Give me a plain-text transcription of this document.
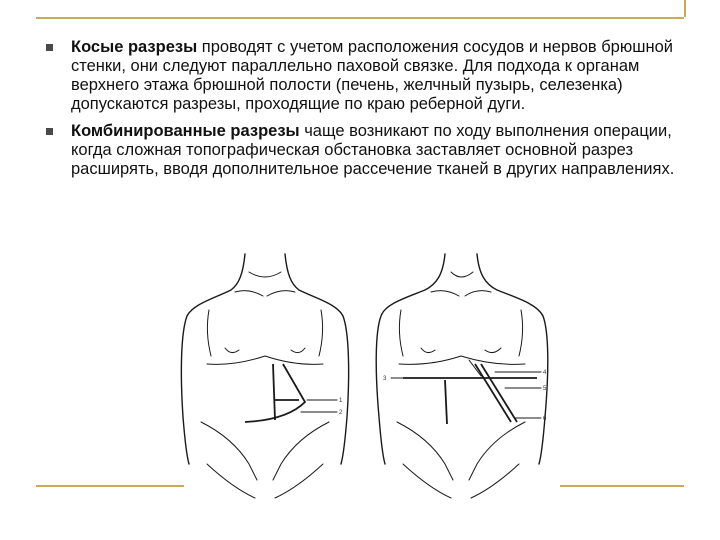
Косые разрезы проводят с учетом расположения сосудов и нервов брюшной стенки, они следуют параллельно паховой связке. Для подхода к органам верхнего этажа брюшной полости (печень, желчный пузырь, селезенка) допускаются разрезы, проходящие по краю реберной дуги.
Комбинированные разрезы чаще возникают по ходу выполнения операции, когда сложная топографическая обстановка заставляет основной разрез расширять, вводя дополнительное рассечение тканей в других направлениях.
1
2
3
4
5
6
